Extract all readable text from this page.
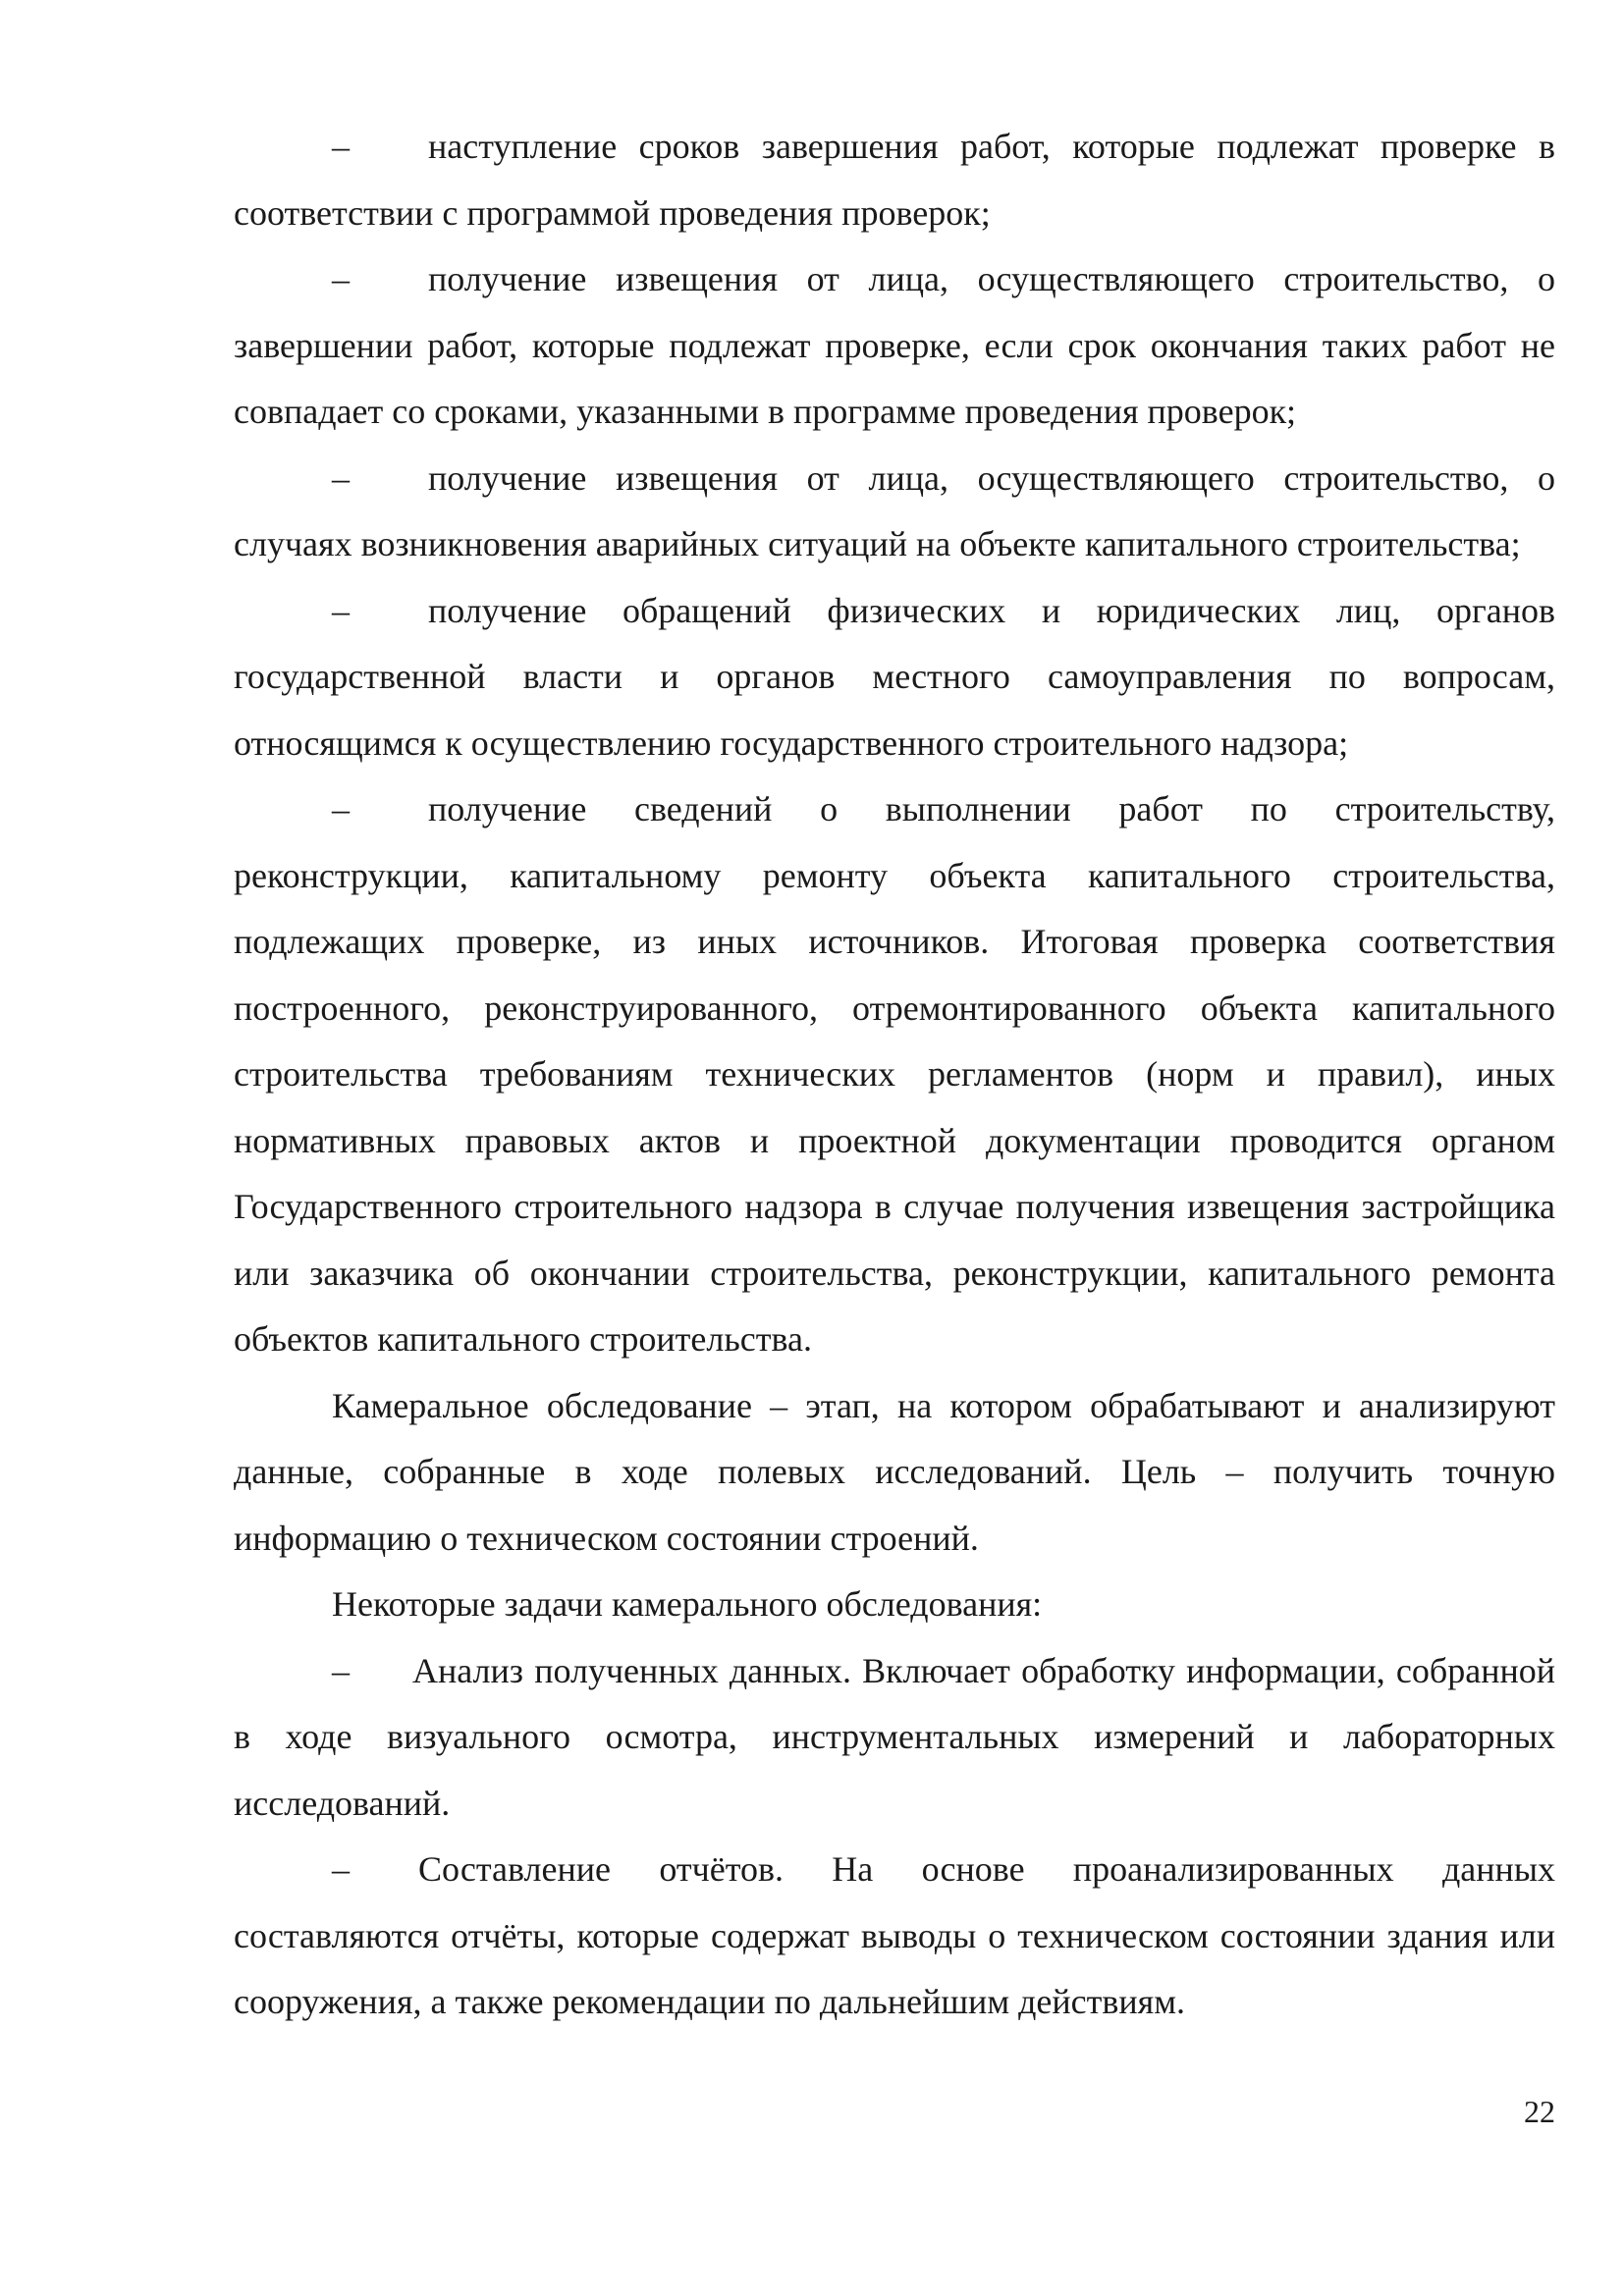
– наступление сроков завершения работ, которые подлежат проверке в соответствии с программой проведения проверок;

– получение извещения от лица, осуществляющего строительство, о завершении работ, которые подлежат проверке, если срок окончания таких работ не совпадает со сроками, указанными в программе проведения проверок;

– получение извещения от лица, осуществляющего строительство, о случаях возникновения аварийных ситуаций на объекте капитального строительства;

– получение обращений физических и юридических лиц, органов государственной власти и органов местного самоуправления по вопросам, относящимся к осуществлению государственного строительного надзора;

– получение сведений о выполнении работ по строительству, реконструкции, капитальному ремонту объекта капитального строительства, подлежащих проверке, из иных источников. Итоговая проверка соответствия построенного, реконструированного, отремонтированного объекта капитального строительства требованиям технических регламентов (норм и правил), иных нормативных правовых актов и проектной документации проводится органом Государственного строительного надзора в случае получения извещения застройщика или заказчика об окончании строительства, реконструкции, капитального ремонта объектов капитального строительства.

Камеральное обследование – этап, на котором обрабатывают и анализируют данные, собранные в ходе полевых исследований. Цель – получить точную информацию о техническом состоянии строений.

Некоторые задачи камерального обследования:

– Анализ полученных данных. Включает обработку информации, собранной в ходе визуального осмотра, инструментальных измерений и лабораторных исследований.

– Составление отчётов. На основе проанализированных данных составляются отчёты, которые содержат выводы о техническом состоянии здания или сооружения, а также рекомендации по дальнейшим действиям.

22
